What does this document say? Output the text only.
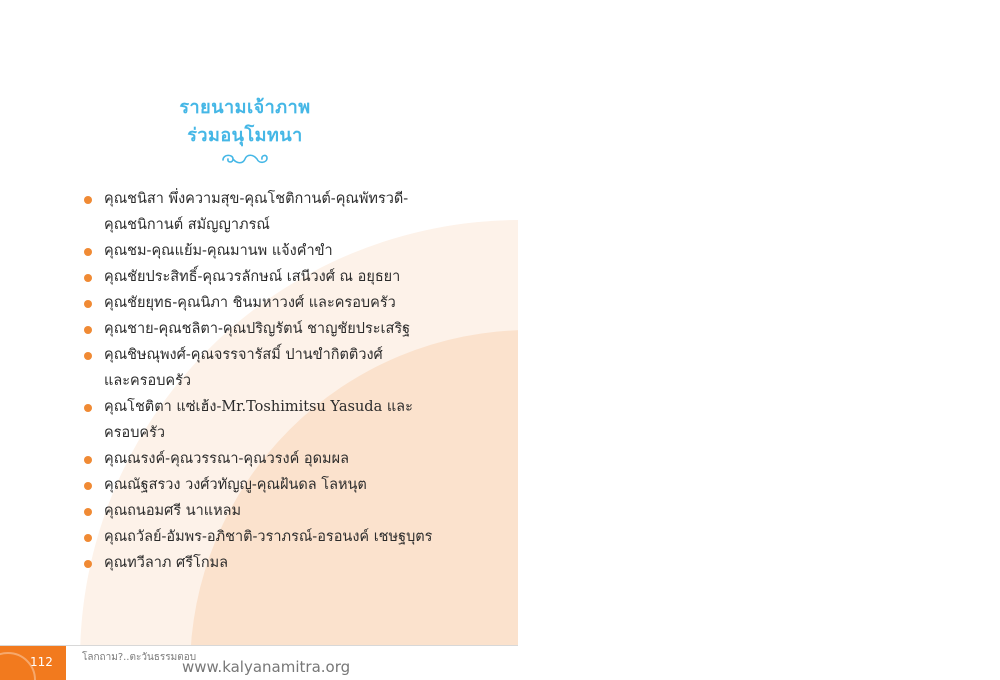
รายนามเจ้าภาพ
ร่วมอนุโมทนา
คุณชนิสา พึ่งความสุข-คุณโชติกานต์-คุณพัทรวดี-
คุณชนิกานต์ สมัญญาภรณ์
คุณชม-คุณแย้ม-คุณมานพ แจ้งคำขำ
คุณชัยประสิทธิ์-คุณวรลักษณ์ เสนีวงศ์ ณ อยุธยา
คุณชัยยุทธ-คุณนิภา ชินมหาวงศ์ และครอบครัว
คุณชาย-คุณชลิตา-คุณปริญรัตน์ ชาญชัยประเสริฐ
คุณชิษณุพงศ์-คุณจรรจารัสมิ์ ปานขำกิตติวงศ์
และครอบครัว
คุณโชติตา แซ่เฮ้ง-Mr.Toshimitsu Yasuda และ
ครอบครัว
คุณณรงค์-คุณวรรณา-คุณวรงค์ อุดมผล
คุณณัฐสรวง วงศ์วทัญญู-คุณฝ้นดล โลหนุต
คุณถนอมศรี นาแหลม
คุณถวัลย์-อัมพร-อภิชาติ-วราภรณ์-อรอนงค์ เชษฐบุตร
คุณทวีลาภ ศรีโกมล
112	โลกถาม?..ตะวันธรรมตอบ
www.kalyanamitra.org
